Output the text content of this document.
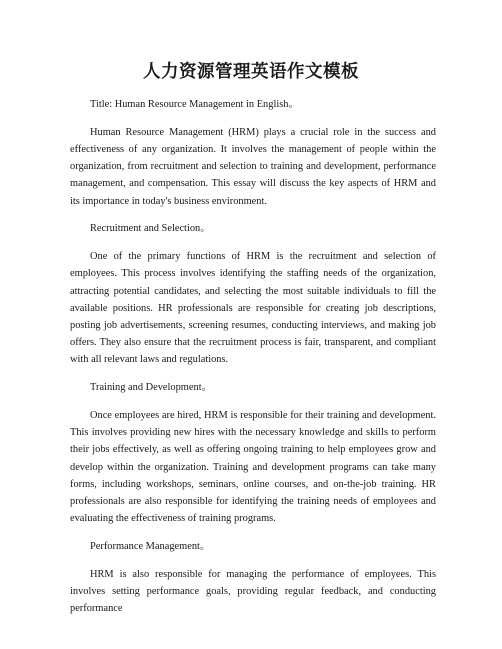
人力资源管理英语作文模板

Title: Human Resource Management in English。

Human Resource Management (HRM) plays a crucial role in the success and effectiveness of any organization. It involves the management of people within the organization, from recruitment and selection to training and development, performance management, and compensation. This essay will discuss the key aspects of HRM and its importance in today's business environment.

Recruitment and Selection。

One of the primary functions of HRM is the recruitment and selection of employees. This process involves identifying the staffing needs of the organization, attracting potential candidates, and selecting the most suitable individuals to fill the available positions. HR professionals are responsible for creating job descriptions, posting job advertisements, screening resumes, conducting interviews, and making job offers. They also ensure that the recruitment process is fair, transparent, and compliant with all relevant laws and regulations.

Training and Development。

Once employees are hired, HRM is responsible for their training and development. This involves providing new hires with the necessary knowledge and skills to perform their jobs effectively, as well as offering ongoing training to help employees grow and develop within the organization. Training and development programs can take many forms, including workshops, seminars, online courses, and on-the-job training. HR professionals are also responsible for identifying the training needs of employees and evaluating the effectiveness of training programs.

Performance Management。

HRM is also responsible for managing the performance of employees. This involves setting performance goals, providing regular feedback, and conducting performance
